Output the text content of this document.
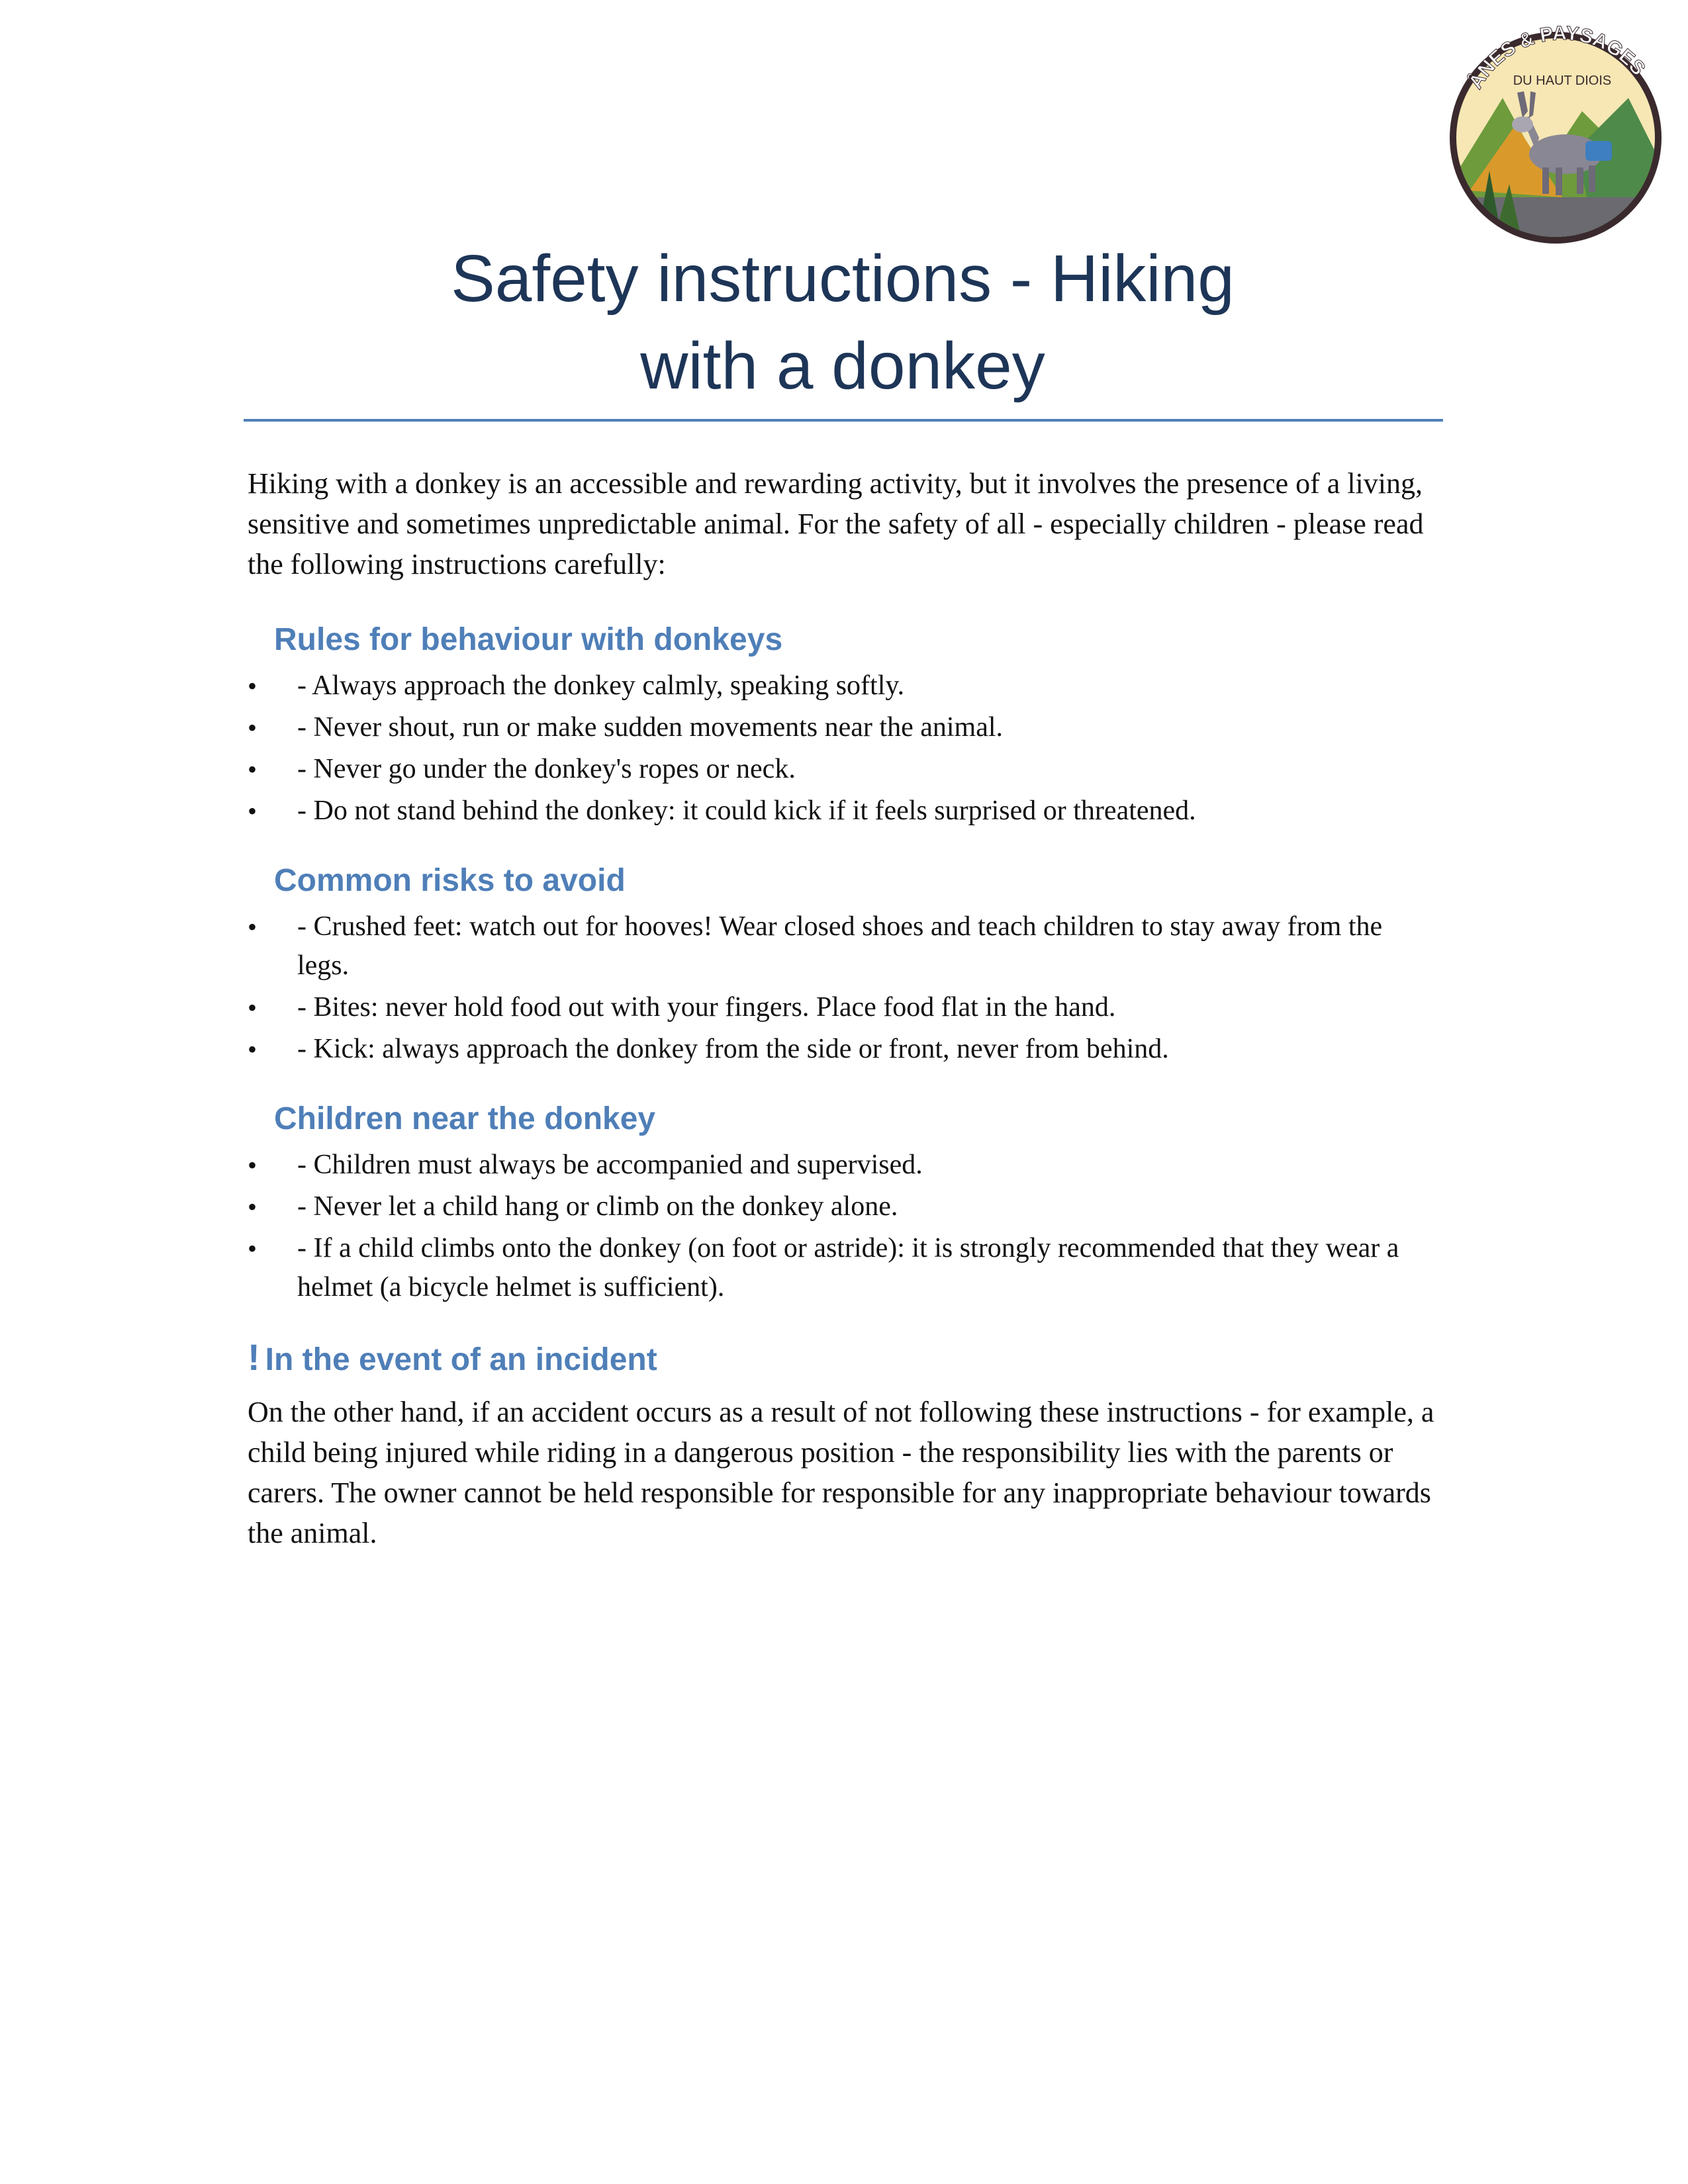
ÂNES & PAYSAGES
DU HAUT DIOIS
Safety instructions - Hiking
with a donkey

Hiking with a donkey is an accessible and rewarding activity, but it involves the presence of a living, sensitive and sometimes unpredictable animal. For the safety of all - especially children - please read the following instructions carefully:

Rules for behaviour with donkeys
• - Always approach the donkey calmly, speaking softly.
• - Never shout, run or make sudden movements near the animal.
• - Never go under the donkey's ropes or neck.
• - Do not stand behind the donkey: it could kick if it feels surprised or threatened.
Common risks to avoid
• - Crushed feet: watch out for hooves! Wear closed shoes and teach children to stay away from the legs.
• - Bites: never hold food out with your fingers. Place food flat in the hand.
• - Kick: always approach the donkey from the side or front, never from behind.
Children near the donkey
• - Children must always be accompanied and supervised.
• - Never let a child hang or climb on the donkey alone.
• - If a child climbs onto the donkey (on foot or astride): it is strongly recommended that they wear a helmet (a bicycle helmet is sufficient).
! In the event of an incident

On the other hand, if an accident occurs as a result of not following these instructions - for example, a child being injured while riding in a dangerous position - the responsibility lies with the parents or carers. The owner cannot be held responsible for responsible for any inappropriate behaviour towards the animal.
